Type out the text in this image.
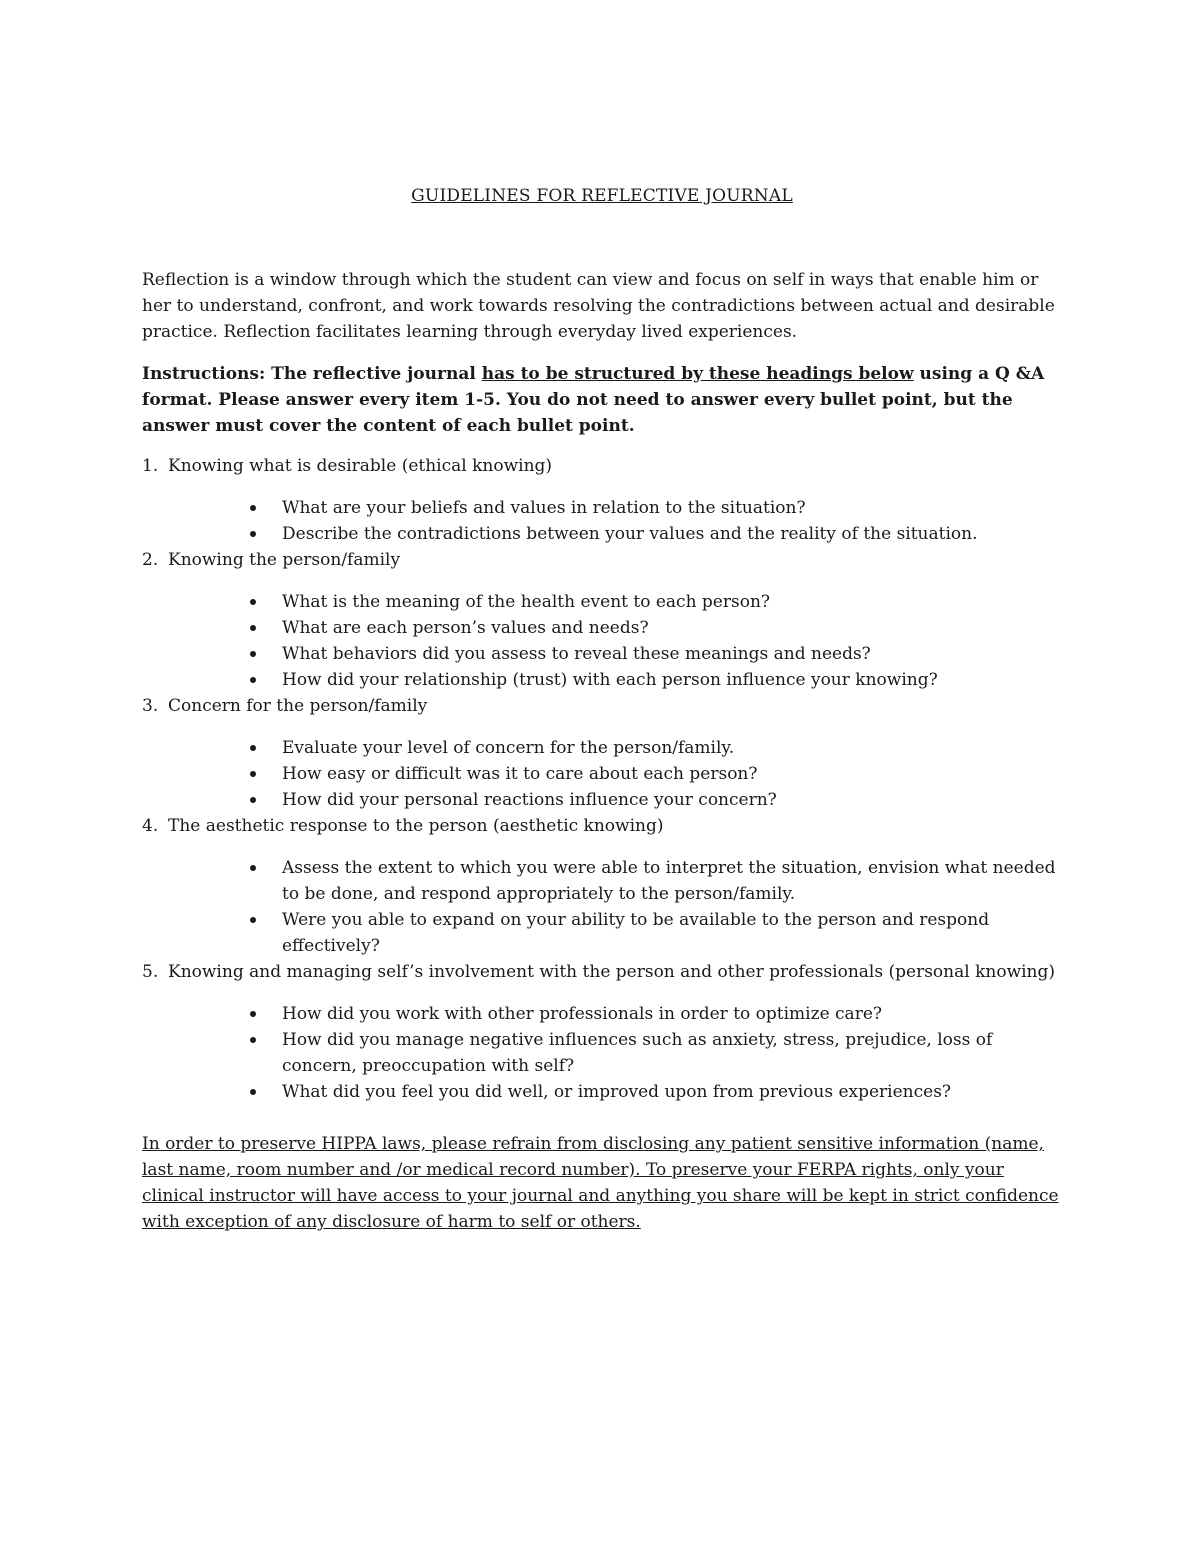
GUIDELINES FOR REFLECTIVE JOURNAL

Reflection is a window through which the student can view and focus on self in ways that enable him or her to understand, confront, and work towards resolving the contradictions between actual and desirable practice. Reflection facilitates learning through everyday lived experiences.

Instructions: The reflective journal has to be structured by these headings below using a Q &A format. Please answer every item 1-5. You do not need to answer every bullet point, but the answer must cover the content of each bullet point.

1. Knowing what is desirable (ethical knowing)

What are your beliefs and values in relation to the situation?
Describe the contradictions between your values and the reality of the situation.

2. Knowing the person/family

What is the meaning of the health event to each person?
What are each person’s values and needs?
What behaviors did you assess to reveal these meanings and needs?
How did your relationship (trust) with each person influence your knowing?

3. Concern for the person/family

Evaluate your level of concern for the person/family.
How easy or difficult was it to care about each person?
How did your personal reactions influence your concern?

4. The aesthetic response to the person (aesthetic knowing)

Assess the extent to which you were able to interpret the situation, envision what needed to be done, and respond appropriately to the person/family.
Were you able to expand on your ability to be available to the person and respond effectively?

5. Knowing and managing self’s involvement with the person and other professionals (personal knowing)

How did you work with other professionals in order to optimize care?
How did you manage negative influences such as anxiety, stress, prejudice, loss of concern, preoccupation with self?
What did you feel you did well, or improved upon from previous experiences?

In order to preserve HIPPA laws, please refrain from disclosing any patient sensitive information (name, last name, room number and /or medical record number). To preserve your FERPA rights, only your clinical instructor will have access to your journal and anything you share will be kept in strict confidence with exception of any disclosure of harm to self or others.
